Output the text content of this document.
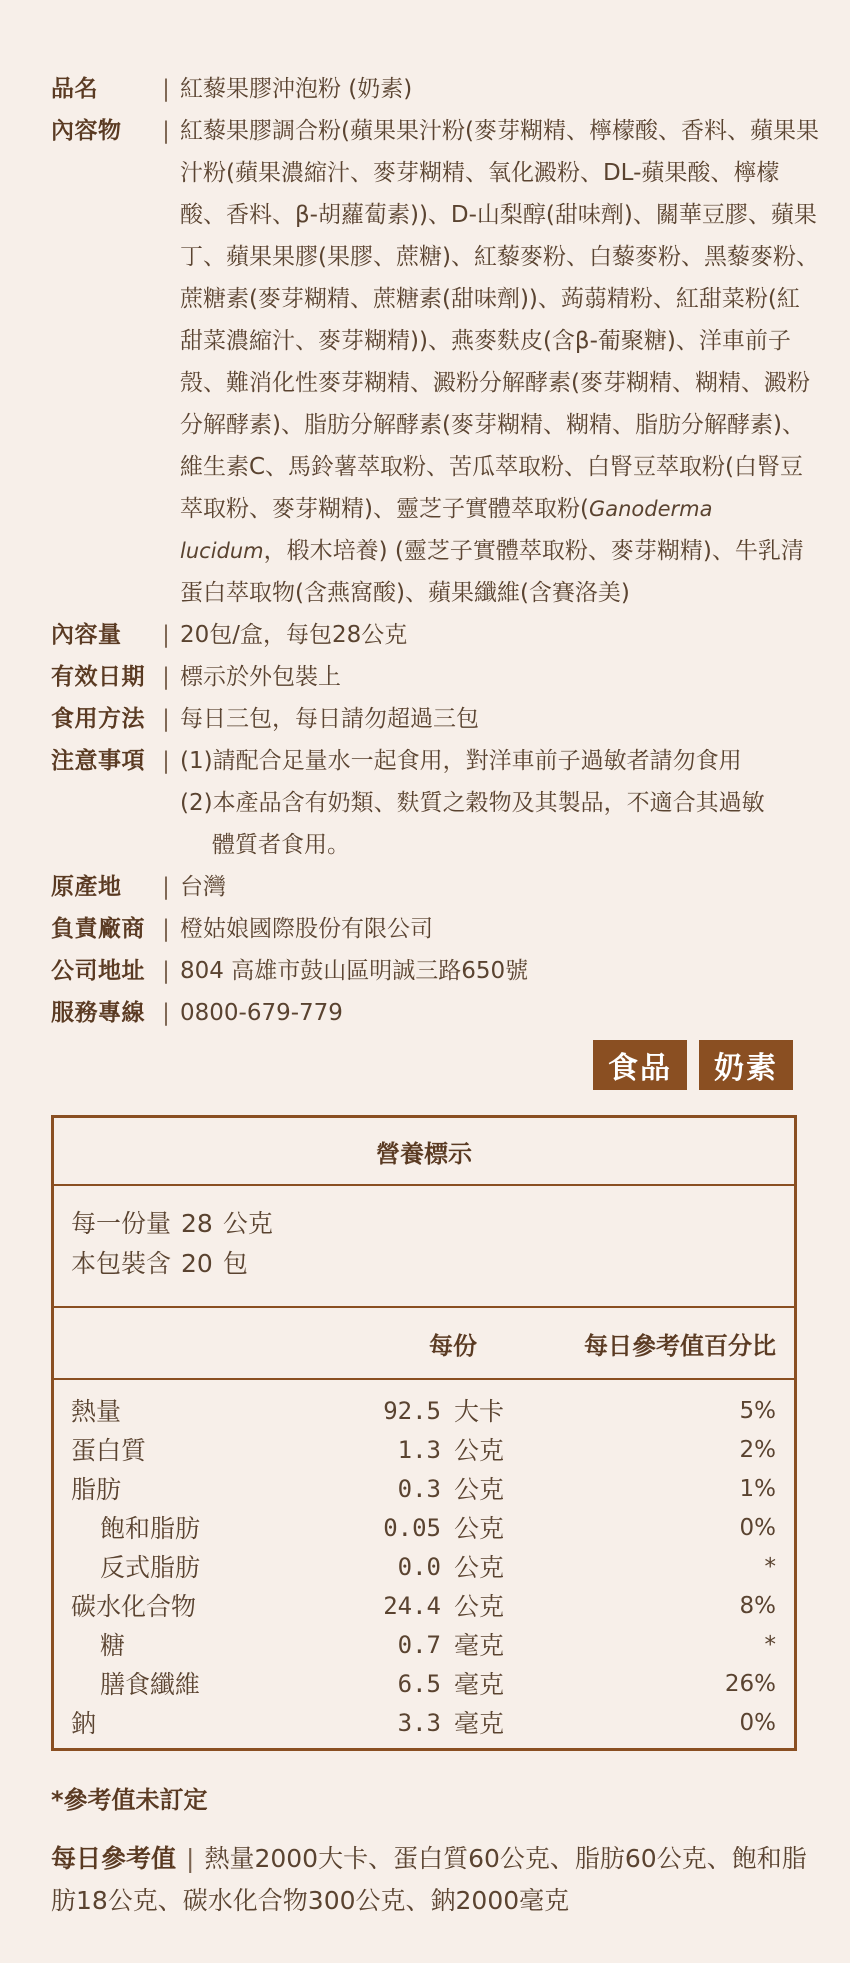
品名	| 紅藜果膠沖泡粉 (奶素)
內容物	| 紅藜果膠調合粉(蘋果果汁粉(麥芽糊精、檸檬酸、香料、蘋果果汁粉(蘋果濃縮汁、麥芽糊精、氧化澱粉、DL-蘋果酸、檸檬酸、香料、β-胡蘿蔔素))、D-山梨醇(甜味劑)、關華豆膠、蘋果丁、蘋果果膠(果膠、蔗糖)、紅藜麥粉、白藜麥粉、黑藜麥粉、蔗糖素(麥芽糊精、蔗糖素(甜味劑))、蒟蒻精粉、紅甜菜粉(紅甜菜濃縮汁、麥芽糊精))、燕麥麩皮(含β-葡聚糖)、洋車前子殼、難消化性麥芽糊精、澱粉分解酵素(麥芽糊精、糊精、澱粉分解酵素)、脂肪分解酵素(麥芽糊精、糊精、脂肪分解酵素)、維生素C、馬鈴薯萃取粉、苦瓜萃取粉、白腎豆萃取粉(白腎豆萃取粉、麥芽糊精)、靈芝子實體萃取粉(Ganoderma lucidum，椴木培養) (靈芝子實體萃取粉、麥芽糊精)、牛乳清蛋白萃取物(含燕窩酸)、蘋果纖維(含賽洛美)
內容量	| 20包/盒，每包28公克
有效日期 | 標示於外包裝上
食用方法 | 每日三包，每日請勿超過三包
注意事項 | (1)請配合足量水一起食用，對洋車前子過敏者請勿食用

(2)本產品含有奶類、麩質之穀物及其製品，不適合其過敏

體質者食用。

原產地	| 台灣
負責廠商 | 橙姑娘國際股份有限公司
公司地址 | 804 高雄市鼓山區明誠三路650號
服務專線 | 0800-679-779
食品	奶素
營養標示
每一份量 28 公克
本包裝含 20 包
每份	每日參考值百分比
熱量	92.5 大卡	5%
蛋白質	1.3 公克	2%
脂肪	0.3 公克	1%
飽和脂肪	0.05 公克	0%
反式脂肪	0.0 公克	*
碳水化合物	24.4 公克	8%
糖	0.7 毫克	*
膳食纖維	6.5 毫克	26%
鈉	3.3 毫克	0%
*參考值未訂定
每日參考值 | 熱量2000大卡、蛋白質60公克、脂肪60公克、飽和脂肪18公克、碳水化合物300公克、鈉2000毫克
